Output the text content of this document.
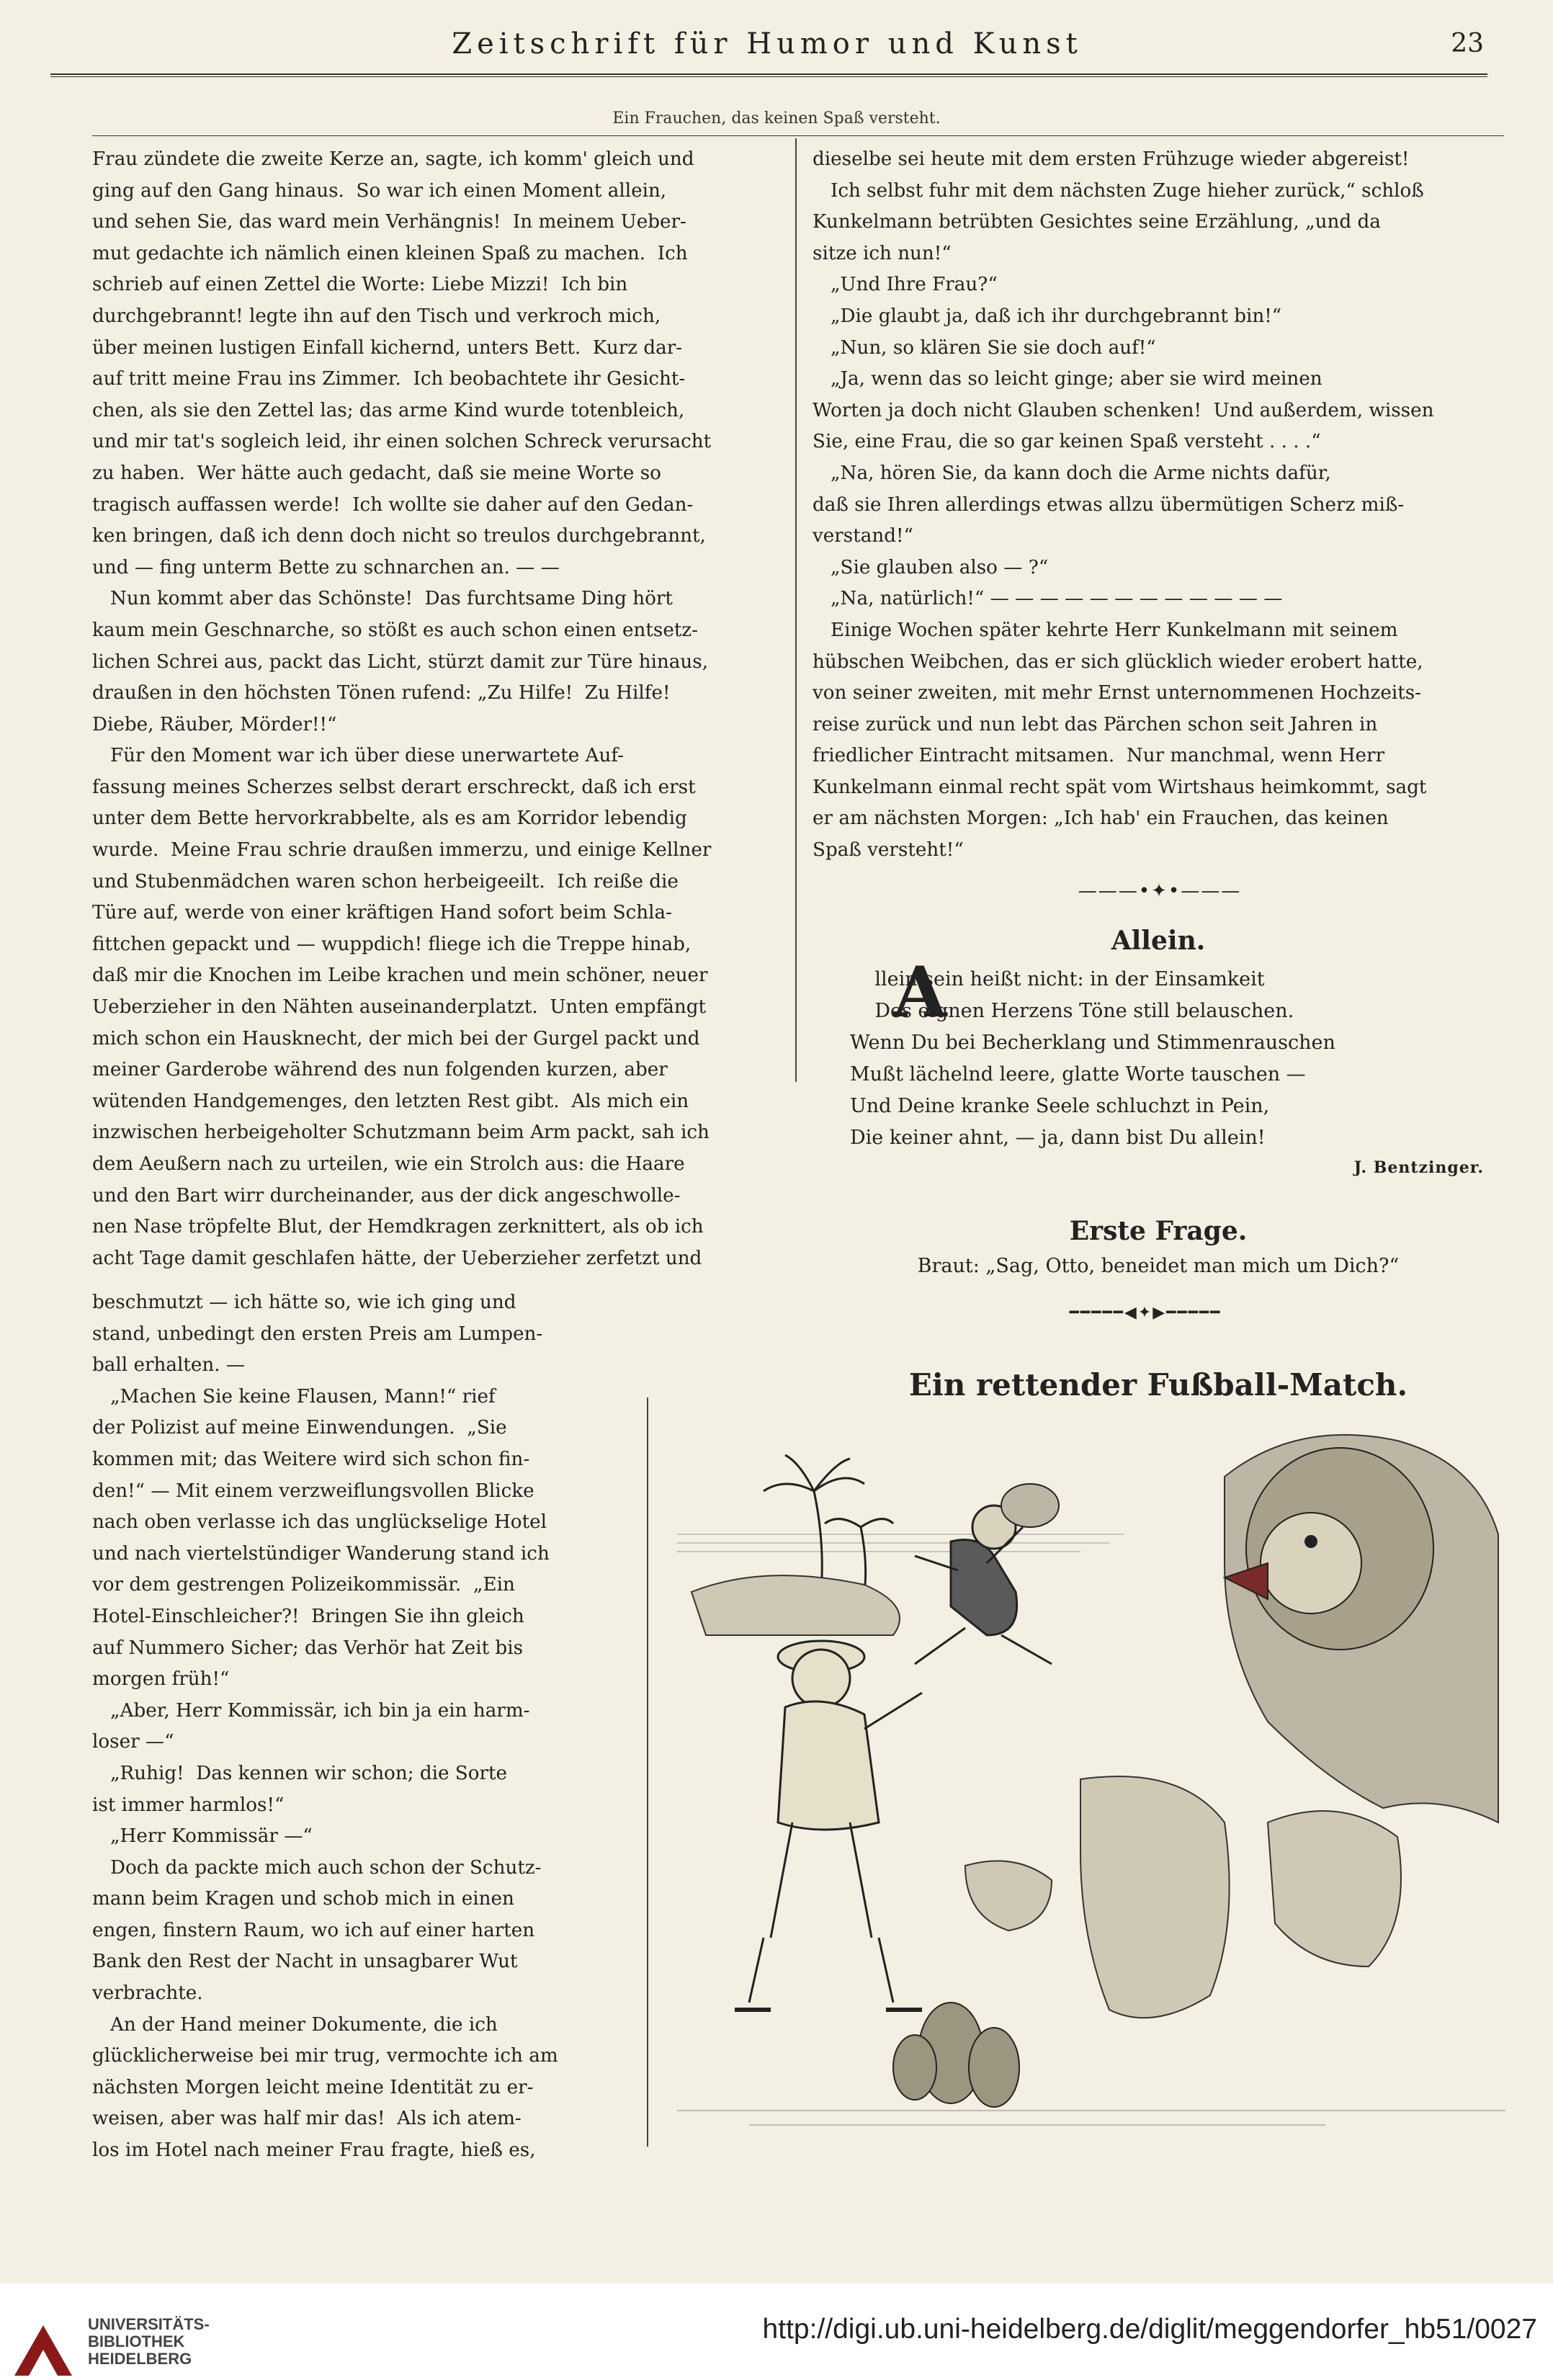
Zeitschrift für Humor und Kunst	23
Ein Frauchen, das keinen Spaß versteht.

Frau zündete die zweite Kerze an, sagte, ich komm' gleich und

ging auf den Gang hinaus.  So war ich einen Moment allein,

und sehen Sie, das ward mein Verhängnis!  In meinem Ueber-

mut gedachte ich nämlich einen kleinen Spaß zu machen.  Ich

schrieb auf einen Zettel die Worte: Liebe Mizzi!  Ich bin

durchgebrannt! legte ihn auf den Tisch und verkroch mich,

über meinen lustigen Einfall kichernd, unters Bett.  Kurz dar-

auf tritt meine Frau ins Zimmer.  Ich beobachtete ihr Gesicht-

chen, als sie den Zettel las; das arme Kind wurde totenbleich,

und mir tat's sogleich leid, ihr einen solchen Schreck verursacht

zu haben.  Wer hätte auch gedacht, daß sie meine Worte so

tragisch auffassen werde!  Ich wollte sie daher auf den Gedan-

ken bringen, daß ich denn doch nicht so treulos durchgebrannt,

und — fing unterm Bette zu schnarchen an. — —

Nun kommt aber das Schönste!  Das furchtsame Ding hört

kaum mein Geschnarche, so stößt es auch schon einen entsetz-

lichen Schrei aus, packt das Licht, stürzt damit zur Türe hinaus,

draußen in den höchsten Tönen rufend: „Zu Hilfe!  Zu Hilfe!

Diebe, Räuber, Mörder!!“

Für den Moment war ich über diese unerwartete Auf-

fassung meines Scherzes selbst derart erschreckt, daß ich erst

unter dem Bette hervorkrabbelte, als es am Korridor lebendig

wurde.  Meine Frau schrie draußen immerzu, und einige Kellner

und Stubenmädchen waren schon herbeigeeilt.  Ich reiße die

Türe auf, werde von einer kräftigen Hand sofort beim Schla-

fittchen gepackt und — wuppdich! fliege ich die Treppe hinab,

daß mir die Knochen im Leibe krachen und mein schöner, neuer

Ueberzieher in den Nähten auseinanderplatzt.  Unten empfängt

mich schon ein Hausknecht, der mich bei der Gurgel packt und

meiner Garderobe während des nun folgenden kurzen, aber

wütenden Handgemenges, den letzten Rest gibt.  Als mich ein

inzwischen herbeigeholter Schutzmann beim Arm packt, sah ich

dem Aeußern nach zu urteilen, wie ein Strolch aus: die Haare

und den Bart wirr durcheinander, aus der dick angeschwolle-

nen Nase tröpfelte Blut, der Hemdkragen zerknittert, als ob ich

acht Tage damit geschlafen hätte, der Ueberzieher zerfetzt und

beschmutzt — ich hätte so, wie ich ging und

stand, unbedingt den ersten Preis am Lumpen-

ball erhalten. —

„Machen Sie keine Flausen, Mann!“ rief

der Polizist auf meine Einwendungen.  „Sie

kommen mit; das Weitere wird sich schon fin-

den!“ — Mit einem verzweiflungsvollen Blicke

nach oben verlasse ich das unglückselige Hotel

und nach viertelstündiger Wanderung stand ich

vor dem gestrengen Polizeikommissär.  „Ein

Hotel-Einschleicher?!  Bringen Sie ihn gleich

auf Nummero Sicher; das Verhör hat Zeit bis

morgen früh!“

„Aber, Herr Kommissär, ich bin ja ein harm-

loser —“

„Ruhig!  Das kennen wir schon; die Sorte

ist immer harmlos!“

„Herr Kommissär —“

Doch da packte mich auch schon der Schutz-

mann beim Kragen und schob mich in einen

engen, finstern Raum, wo ich auf einer harten

Bank den Rest der Nacht in unsagbarer Wut

verbrachte.

An der Hand meiner Dokumente, die ich

glücklicherweise bei mir trug, vermochte ich am

nächsten Morgen leicht meine Identität zu er-

weisen, aber was half mir das!  Als ich atem-

los im Hotel nach meiner Frau fragte, hieß es,

dieselbe sei heute mit dem ersten Frühzuge wieder abgereist!

Ich selbst fuhr mit dem nächsten Zuge hieher zurück,“ schloß

Kunkelmann betrübten Gesichtes seine Erzählung, „und da

sitze ich nun!“

„Und Ihre Frau?“

„Die glaubt ja, daß ich ihr durchgebrannt bin!“

„Nun, so klären Sie sie doch auf!“

„Ja, wenn das so leicht ginge; aber sie wird meinen

Worten ja doch nicht Glauben schenken!  Und außerdem, wissen

Sie, eine Frau, die so gar keinen Spaß versteht . . . .“

„Na, hören Sie, da kann doch die Arme nichts dafür,

daß sie Ihren allerdings etwas allzu übermütigen Scherz miß-

verstand!“

„Sie glauben also — ?“

„Na, natürlich!“ — — — — — — — — — — — —

Einige Wochen später kehrte Herr Kunkelmann mit seinem

hübschen Weibchen, das er sich glücklich wieder erobert hatte,

von seiner zweiten, mit mehr Ernst unternommenen Hochzeits-

reise zurück und nun lebt das Pärchen schon seit Jahren in

friedlicher Eintracht mitsamen.  Nur manchmal, wenn Herr

Kunkelmann einmal recht spät vom Wirtshaus heimkommt, sagt

er am nächsten Morgen: „Ich hab' ein Frauchen, das keinen

Spaß versteht!“

———•✦•———
Allein.
A

llein sein heißt nicht: in der Einsamkeit

Des eignen Herzens Töne still belauschen.

Wenn Du bei Becherklang und Stimmenrauschen

Mußt lächelnd leere, glatte Worte tauschen —

Und Deine kranke Seele schluchzt in Pein,

Die keiner ahnt, — ja, dann bist Du allein!

J. Bentzinger.
Erste Frage.
Braut: „Sag, Otto, beneidet man mich um Dich?“
━━━━━◀✦▶━━━━━
Ein rettender Fußball-Match.
UNIVERSITÄTS-
BIBLIOTHEK
HEIDELBERG
http://digi.ub.uni-heidelberg.de/diglit/meggendorfer_hb51/0027
